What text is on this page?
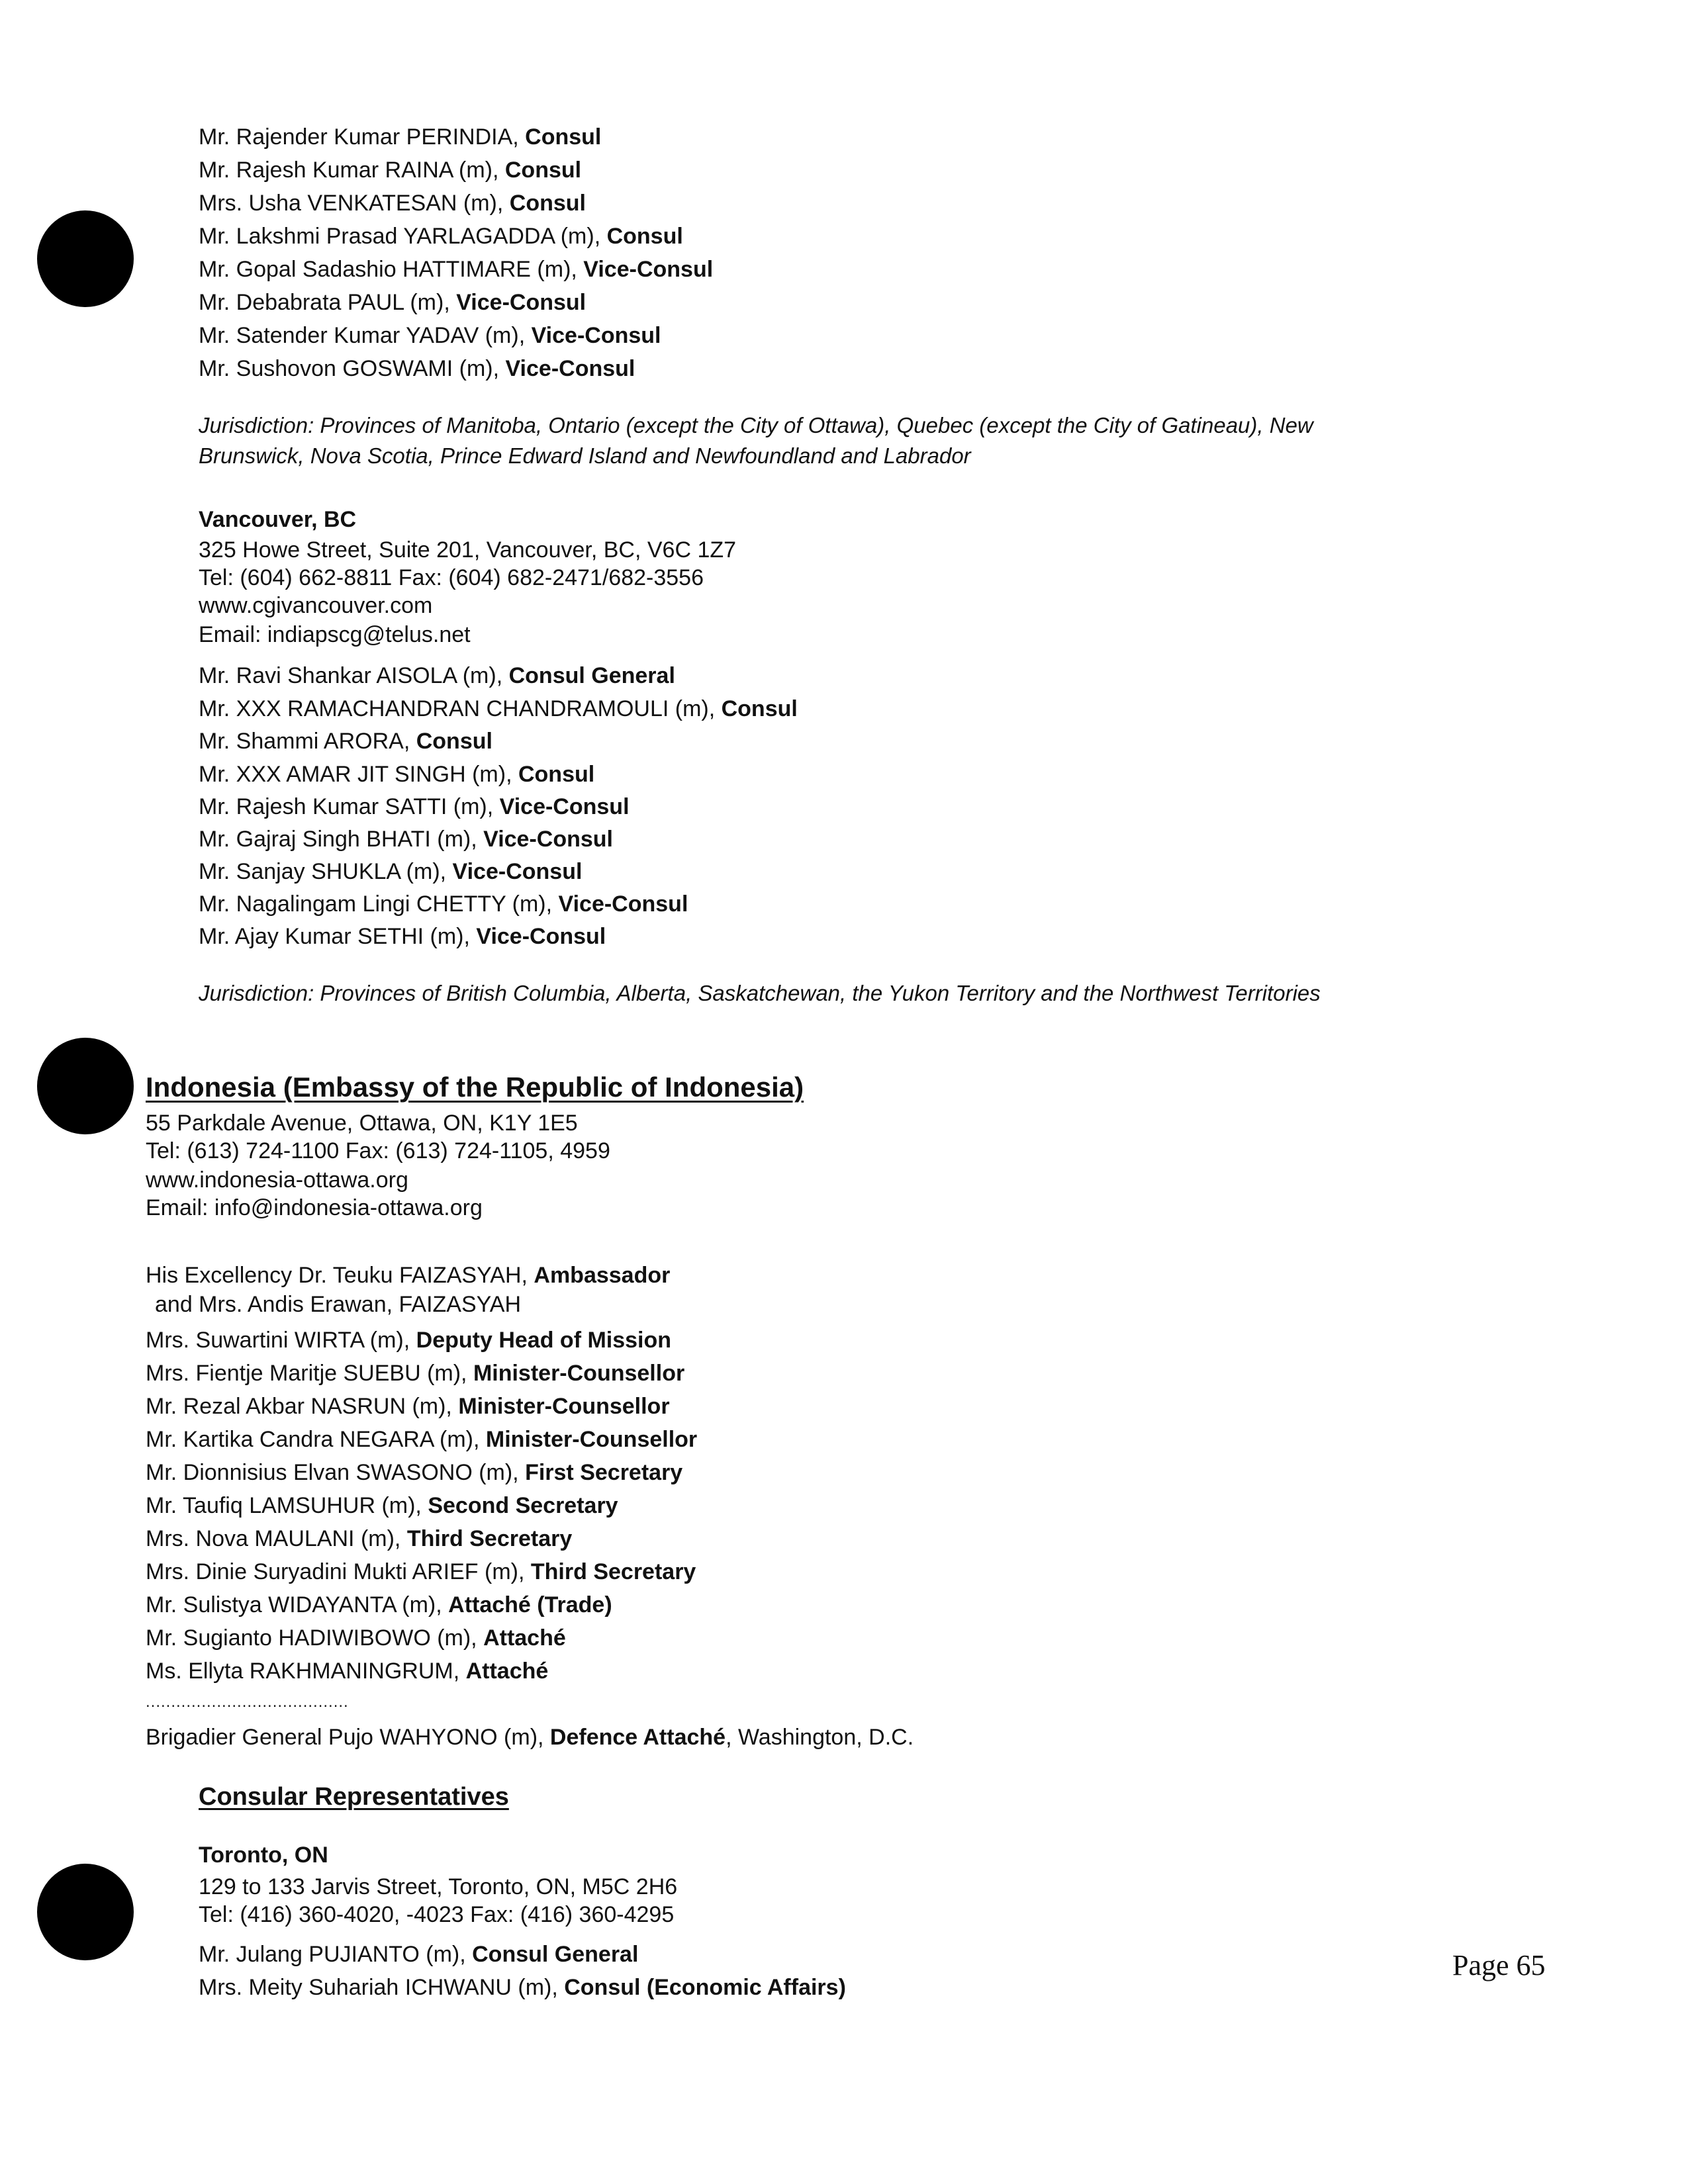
Mr. Rajender Kumar PERINDIA, Consul
Mr. Rajesh Kumar RAINA (m), Consul
Mrs. Usha VENKATESAN (m), Consul
Mr. Lakshmi Prasad YARLAGADDA (m), Consul
Mr. Gopal Sadashio HATTIMARE (m), Vice-Consul
Mr. Debabrata PAUL (m), Vice-Consul
Mr. Satender Kumar YADAV (m), Vice-Consul
Mr. Sushovon GOSWAMI (m), Vice-Consul
Jurisdiction: Provinces of Manitoba, Ontario (except the City of Ottawa), Quebec (except the City of Gatineau), New
Brunswick, Nova Scotia, Prince Edward Island and Newfoundland and Labrador
Vancouver, BC
325 Howe Street, Suite 201, Vancouver, BC, V6C 1Z7
Tel: (604) 662-8811 Fax: (604) 682-2471/682-3556
www.cgivancouver.com
Email: indiapscg@telus.net
Mr. Ravi Shankar AISOLA (m), Consul General
Mr. XXX RAMACHANDRAN CHANDRAMOULI (m), Consul
Mr. Shammi ARORA, Consul
Mr. XXX AMAR JIT SINGH (m), Consul
Mr. Rajesh Kumar SATTI (m), Vice-Consul
Mr. Gajraj Singh BHATI (m), Vice-Consul
Mr. Sanjay SHUKLA (m), Vice-Consul
Mr. Nagalingam Lingi CHETTY (m), Vice-Consul
Mr. Ajay Kumar SETHI (m), Vice-Consul
Jurisdiction: Provinces of British Columbia, Alberta, Saskatchewan, the Yukon Territory and the Northwest Territories
Indonesia (Embassy of the Republic of Indonesia)
55 Parkdale Avenue, Ottawa, ON, K1Y 1E5
Tel: (613) 724-1100 Fax: (613) 724-1105, 4959
www.indonesia-ottawa.org
Email: info@indonesia-ottawa.org
His Excellency Dr. Teuku FAIZASYAH, Ambassador
and Mrs. Andis Erawan, FAIZASYAH
Mrs. Suwartini WIRTA (m), Deputy Head of Mission
Mrs. Fientje Maritje SUEBU (m), Minister-Counsellor
Mr. Rezal Akbar NASRUN (m), Minister-Counsellor
Mr. Kartika Candra NEGARA (m), Minister-Counsellor
Mr. Dionnisius Elvan SWASONO (m), First Secretary
Mr. Taufiq LAMSUHUR (m), Second Secretary
Mrs. Nova MAULANI (m), Third Secretary
Mrs. Dinie Suryadini Mukti ARIEF (m), Third Secretary
Mr. Sulistya WIDAYANTA (m), Attaché (Trade)
Mr. Sugianto HADIWIBOWO (m), Attaché
Ms. Ellyta RAKHMANINGRUM, Attaché
........................................
Brigadier General Pujo WAHYONO (m), Defence Attaché, Washington, D.C.
Consular Representatives
Toronto, ON
129 to 133 Jarvis Street, Toronto, ON, M5C 2H6
Tel: (416) 360-4020, -4023 Fax: (416) 360-4295
Mr. Julang PUJIANTO (m), Consul General
Mrs. Meity Suhariah ICHWANU (m), Consul (Economic Affairs)
Page 65
